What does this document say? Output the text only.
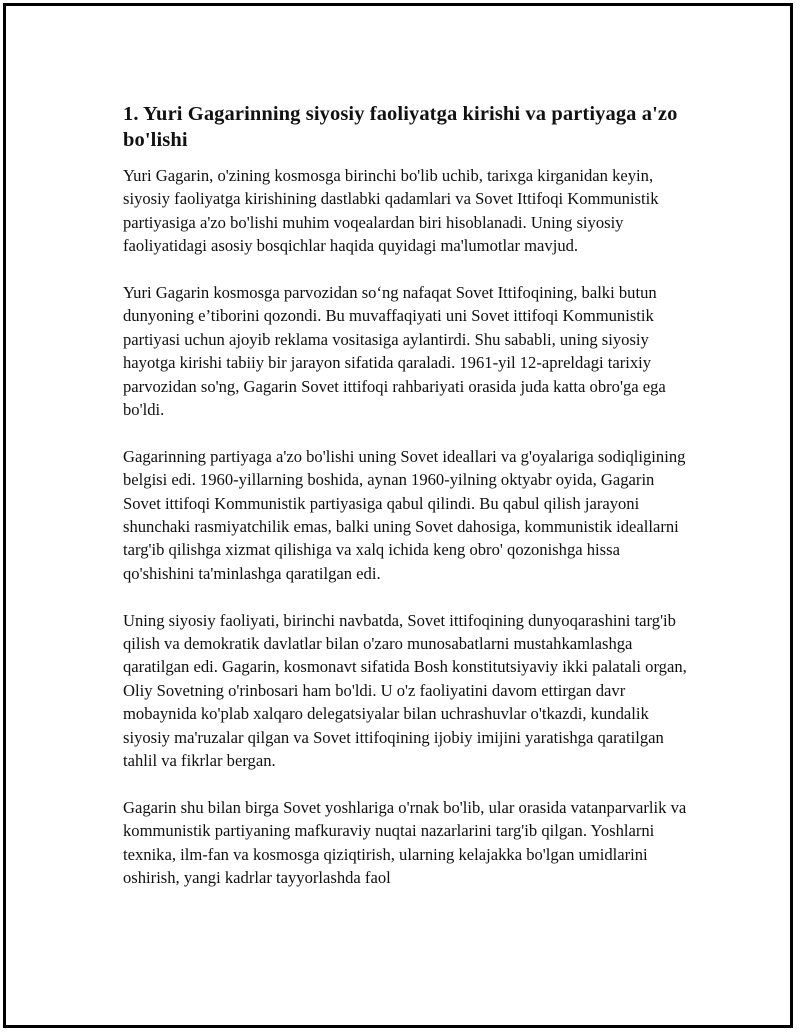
1. Yuri Gagarinning siyosiy faoliyatga kirishi va partiyaga a'zo bo'lishi

Yuri Gagarin, o'zining kosmosga birinchi bo'lib uchib, tarixga kirganidan keyin, siyosiy faoliyatga kirishining dastlabki qadamlari va Sovet Ittifoqi Kommunistik partiyasiga a'zo bo'lishi muhim voqealardan biri hisoblanadi. Uning siyosiy faoliyatidagi asosiy bosqichlar haqida quyidagi ma'lumotlar mavjud.

Yuri Gagarin kosmosga parvozidan so‘ng nafaqat Sovet Ittifoqining, balki butun dunyoning e’tiborini qozondi. Bu muvaffaqiyati uni Sovet ittifoqi Kommunistik partiyasi uchun ajoyib reklama vositasiga aylantirdi. Shu sababli, uning siyosiy hayotga kirishi tabiiy bir jarayon sifatida qaraladi. 1961-yil 12-apreldagi tarixiy parvozidan so'ng, Gagarin Sovet ittifoqi rahbariyati orasida juda katta obro'ga ega bo'ldi.

Gagarinning partiyaga a'zo bo'lishi uning Sovet ideallari va g'oyalariga sodiqligining belgisi edi. 1960-yillarning boshida, aynan 1960-yilning oktyabr oyida, Gagarin Sovet ittifoqi Kommunistik partiyasiga qabul qilindi. Bu qabul qilish jarayoni shunchaki rasmiyatchilik emas, balki uning Sovet dahosiga, kommunistik ideallarni targ'ib qilishga xizmat qilishiga va xalq ichida keng obro' qozonishga hissa qo'shishini ta'minlashga qaratilgan edi.

Uning siyosiy faoliyati, birinchi navbatda, Sovet ittifoqining dunyoqarashini targ'ib qilish va demokratik davlatlar bilan o'zaro munosabatlarni mustahkamlashga qaratilgan edi. Gagarin, kosmonavt sifatida Bosh konstitutsiyaviy ikki palatali organ, Oliy Sovetning o'rinbosari ham bo'ldi. U o'z faoliyatini davom ettirgan davr mobaynida ko'plab xalqaro delegatsiyalar bilan uchrashuvlar o'tkazdi, kundalik siyosiy ma'ruzalar qilgan va Sovet ittifoqining ijobiy imijini yaratishga qaratilgan tahlil va fikrlar bergan.

Gagarin shu bilan birga Sovet yoshlariga o'rnak bo'lib, ular orasida vatanparvarlik va kommunistik partiyaning mafkuraviy nuqtai nazarlarini targ'ib qilgan. Yoshlarni texnika, ilm-fan va kosmosga qiziqtirish, ularning kelajakka bo'lgan umidlarini oshirish, yangi kadrlar tayyorlashda faol
